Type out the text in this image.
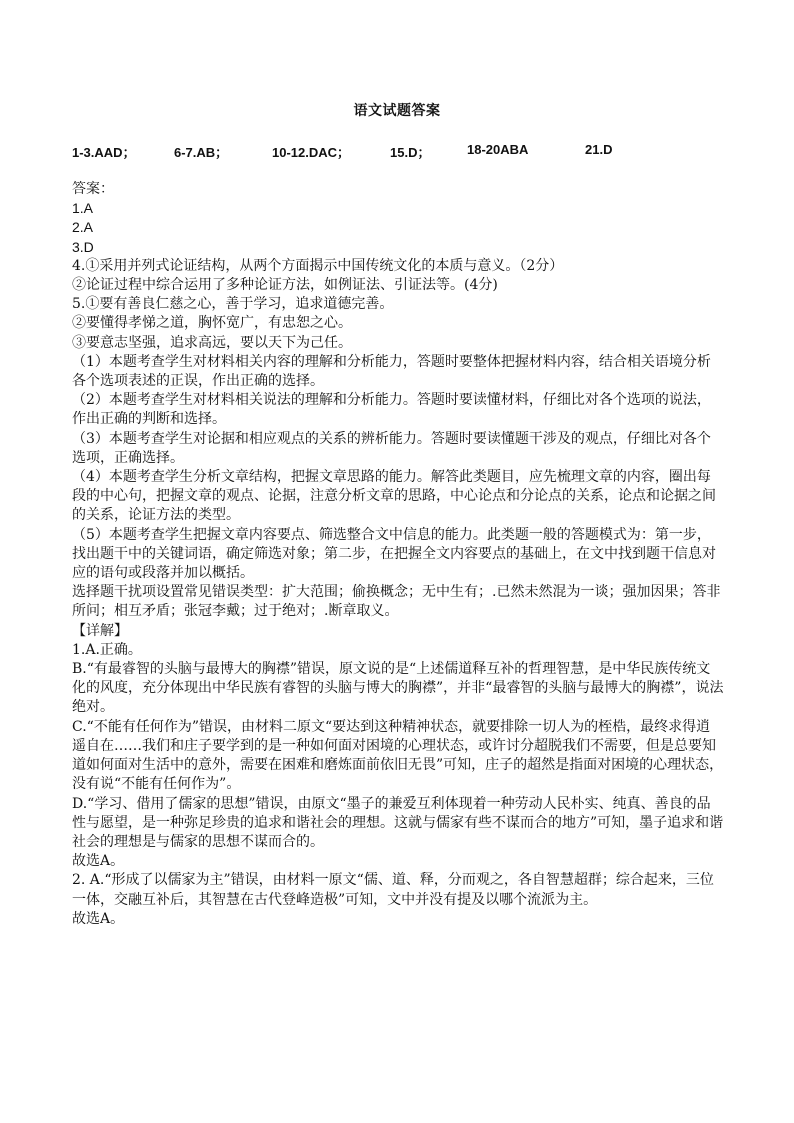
语文试题答案
1-3.AAD；	6-7.AB；	10-12.DAC；	15.D；	18-20ABA	21.D

答案：

1.A

2.A

3.D

4.①采用并列式论证结构，从两个方面揭示中国传统文化的本质与意义。（2分）

②论证过程中综合运用了多种论证方法，如例证法、引证法等。(4分)

5.①要有善良仁慈之心，善于学习，追求道德完善。

②要懂得孝悌之道，胸怀宽广，有忠恕之心。

③要意志坚强，追求高远，要以天下为己任。

（1）本题考查学生对材料相关内容的理解和分析能力，答题时要整体把握材料内容，结合相关语境分析各个选项表述的正误，作出正确的选择。

（2）本题考查学生对材料相关说法的理解和分析能力。答题时要读懂材料，仔细比对各个选项的说法，作出正确的判断和选择。

（3）本题考查学生对论据和相应观点的关系的辨析能力。答题时要读懂题干涉及的观点，仔细比对各个选项，正确选择。

（4）本题考查学生分析文章结构，把握文章思路的能力。解答此类题目，应先梳理文章的内容，圈出每段的中心句，把握文章的观点、论据，注意分析文章的思路，中心论点和分论点的关系，论点和论据之间的关系，论证方法的类型。

（5）本题考查学生把握文章内容要点、筛选整合文中信息的能力。此类题一般的答题模式为：第一步，找出题干中的关键词语，确定筛选对象；第二步，在把握全文内容要点的基础上，在文中找到题干信息对应的语句或段落并加以概括。

选择题干扰项设置常见错误类型：扩大范围；偷换概念；无中生有；.已然未然混为一谈；强加因果；答非所问；相互矛盾；张冠李戴；过于绝对；.断章取义。

【详解】

1.A.正确。

B.“有最睿智的头脑与最博大的胸襟”错误，原文说的是“上述儒道释互补的哲理智慧，是中华民族传统文化的风度，充分体现出中华民族有睿智的头脑与博大的胸襟”，并非“最睿智的头脑与最博大的胸襟”，说法绝对。

C.“不能有任何作为”错误，由材料二原文“要达到这种精神状态，就要排除一切人为的桎梏，最终求得逍遥自在……我们和庄子要学到的是一种如何面对困境的心理状态，或许讨分超脱我们不需要，但是总要知道如何面对生活中的意外，需要在困难和磨炼面前依旧无畏”可知，庄子的超然是指面对困境的心理状态，没有说“不能有任何作为”。

D.“学习、借用了儒家的思想”错误，由原文“墨子的兼爱互利体现着一种劳动人民朴实、纯真、善良的品性与愿望，是一种弥足珍贵的追求和谐社会的理想。这就与儒家有些不谋而合的地方”可知，墨子追求和谐社会的理想是与儒家的思想不谋而合的。

故选A。

2. A.“形成了以儒家为主”错误，由材料一原文“儒、道、释，分而观之，各自智慧超群；综合起来，三位一体，交融互补后，其智慧在古代登峰造极”可知，文中并没有提及以哪个流派为主。

故选A。
